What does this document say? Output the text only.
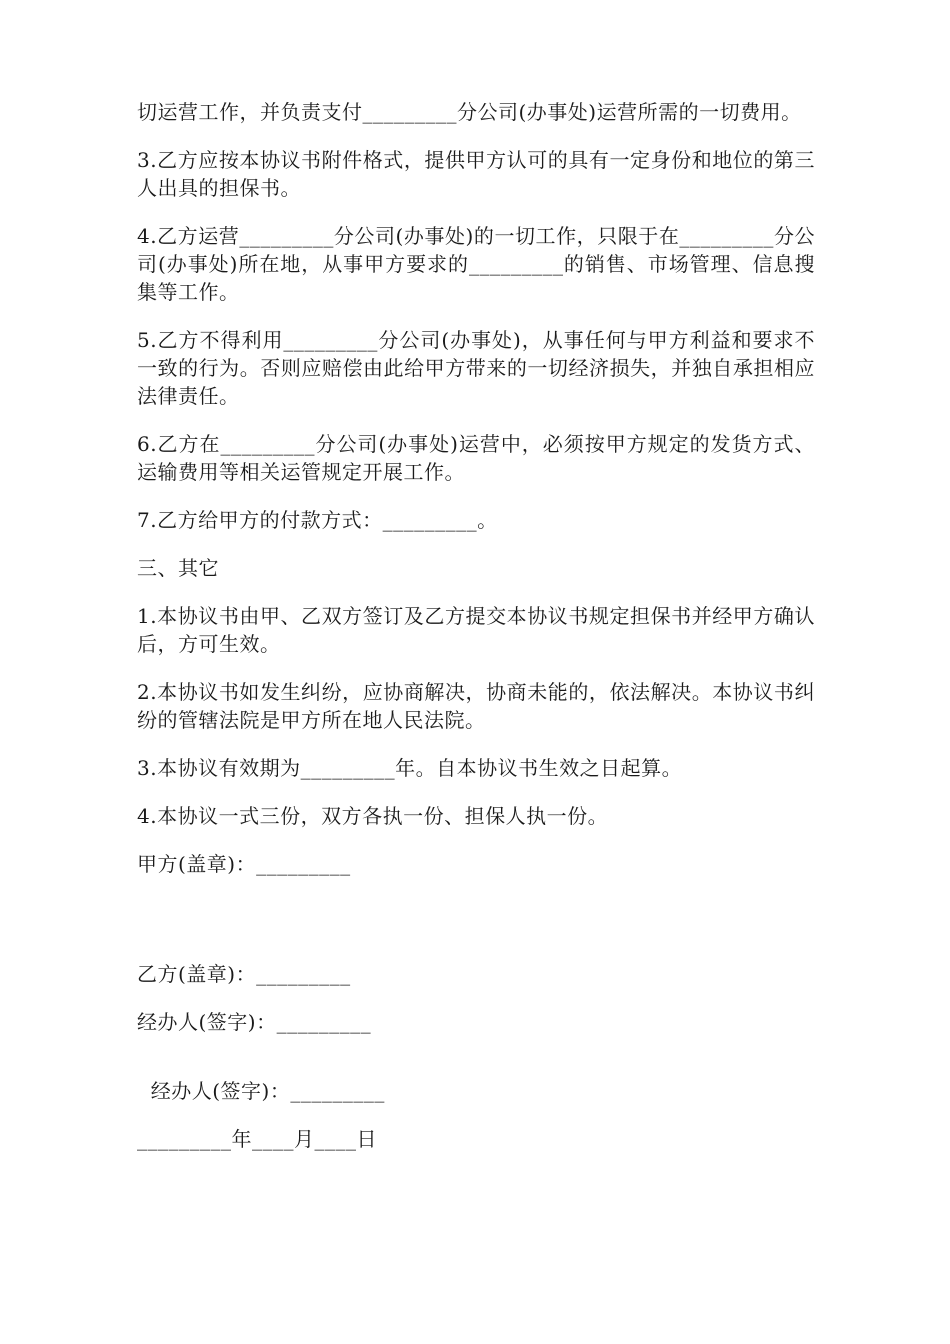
切运营工作，并负责支付_________分公司(办事处)运营所需的一切费用。

3.乙方应按本协议书附件格式，提供甲方认可的具有一定身份和地位的第三人出具的担保书。

4.乙方运营_________分公司(办事处)的一切工作，只限于在_________分公司(办事处)所在地，从事甲方要求的_________的销售、市场管理、信息搜集等工作。

5.乙方不得利用_________分公司(办事处)，从事任何与甲方利益和要求不一致的行为。否则应赔偿由此给甲方带来的一切经济损失，并独自承担相应法律责任。

6.乙方在_________分公司(办事处)运营中，必须按甲方规定的发货方式、运输费用等相关运管规定开展工作。

7.乙方给甲方的付款方式：_________。

三、其它

1.本协议书由甲、乙双方签订及乙方提交本协议书规定担保书并经甲方确认后，方可生效。

2.本协议书如发生纠纷，应协商解决，协商未能的，依法解决。本协议书纠纷的管辖法院是甲方所在地人民法院。

3.本协议有效期为_________年。自本协议书生效之日起算。

4.本协议一式三份，双方各执一份、担保人执一份。

甲方(盖章)：_________

乙方(盖章)：_________

经办人(签字)：_________

经办人(签字)：_________

_________年____月____日
